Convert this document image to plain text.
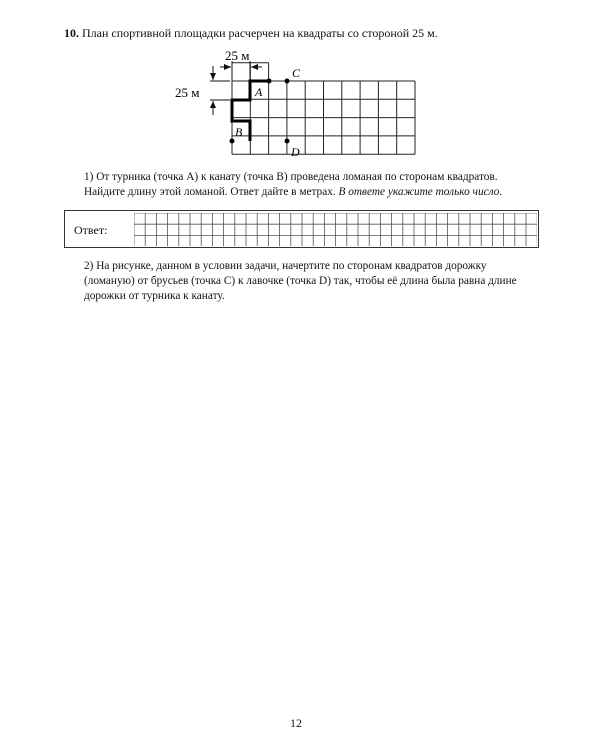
10. План спортивной площадки расчерчен на квадраты со стороной 25 м.
25 м
25 м	A
B
C
D
1) От турника (точка А) к канату (точка В) проведена ломаная по сторонам квадратов. Найдите длину этой ломаной. Ответ дайте в метрах. В ответе укажите только число.
Ответ:
2) На рисунке, данном в условии задачи, начертите по сторонам квадратов дорожку (ломаную) от брусьев (точка С) к лавочке (точка D) так, чтобы её длина была равна длине дорожки от турника к канату.
12
